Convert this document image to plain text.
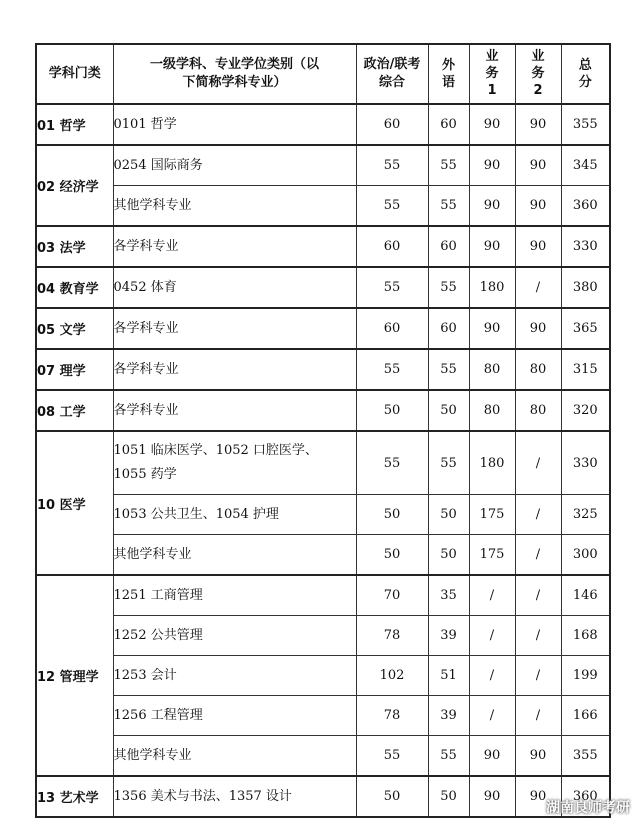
学科门类	一级学科、专业学位类别（以下简称学科专业）	政治/联考综合	外语	业务1	业务2	总分
01 哲学	0101 哲学	60	60	90	90	355
02 经济学	0254 国际商务	55	55	90	90	345
	其他学科专业	55	55	90	90	360
03 法学	各学科专业	60	60	90	90	330
04 教育学	0452 体育	55	55	180	/	380
05 文学	各学科专业	60	60	90	90	365
07 理学	各学科专业	55	55	80	80	315
08 工学	各学科专业	50	50	80	80	320
10 医学	1051 临床医学、1052 口腔医学、1055 药学	55	55	180	/	330
	1053 公共卫生、1054 护理	50	50	175	/	325
	其他学科专业	50	50	175	/	300
12 管理学	1251 工商管理	70	35	/	/	146
	1252 公共管理	78	39	/	/	168
	1253 会计	102	51	/	/	199
	1256 工程管理	78	39	/	/	166
	其他学科专业	55	55	90	90	355
13 艺术学	1356 美术与书法、1357 设计	50	50	90	90	360
湖南良师考研
